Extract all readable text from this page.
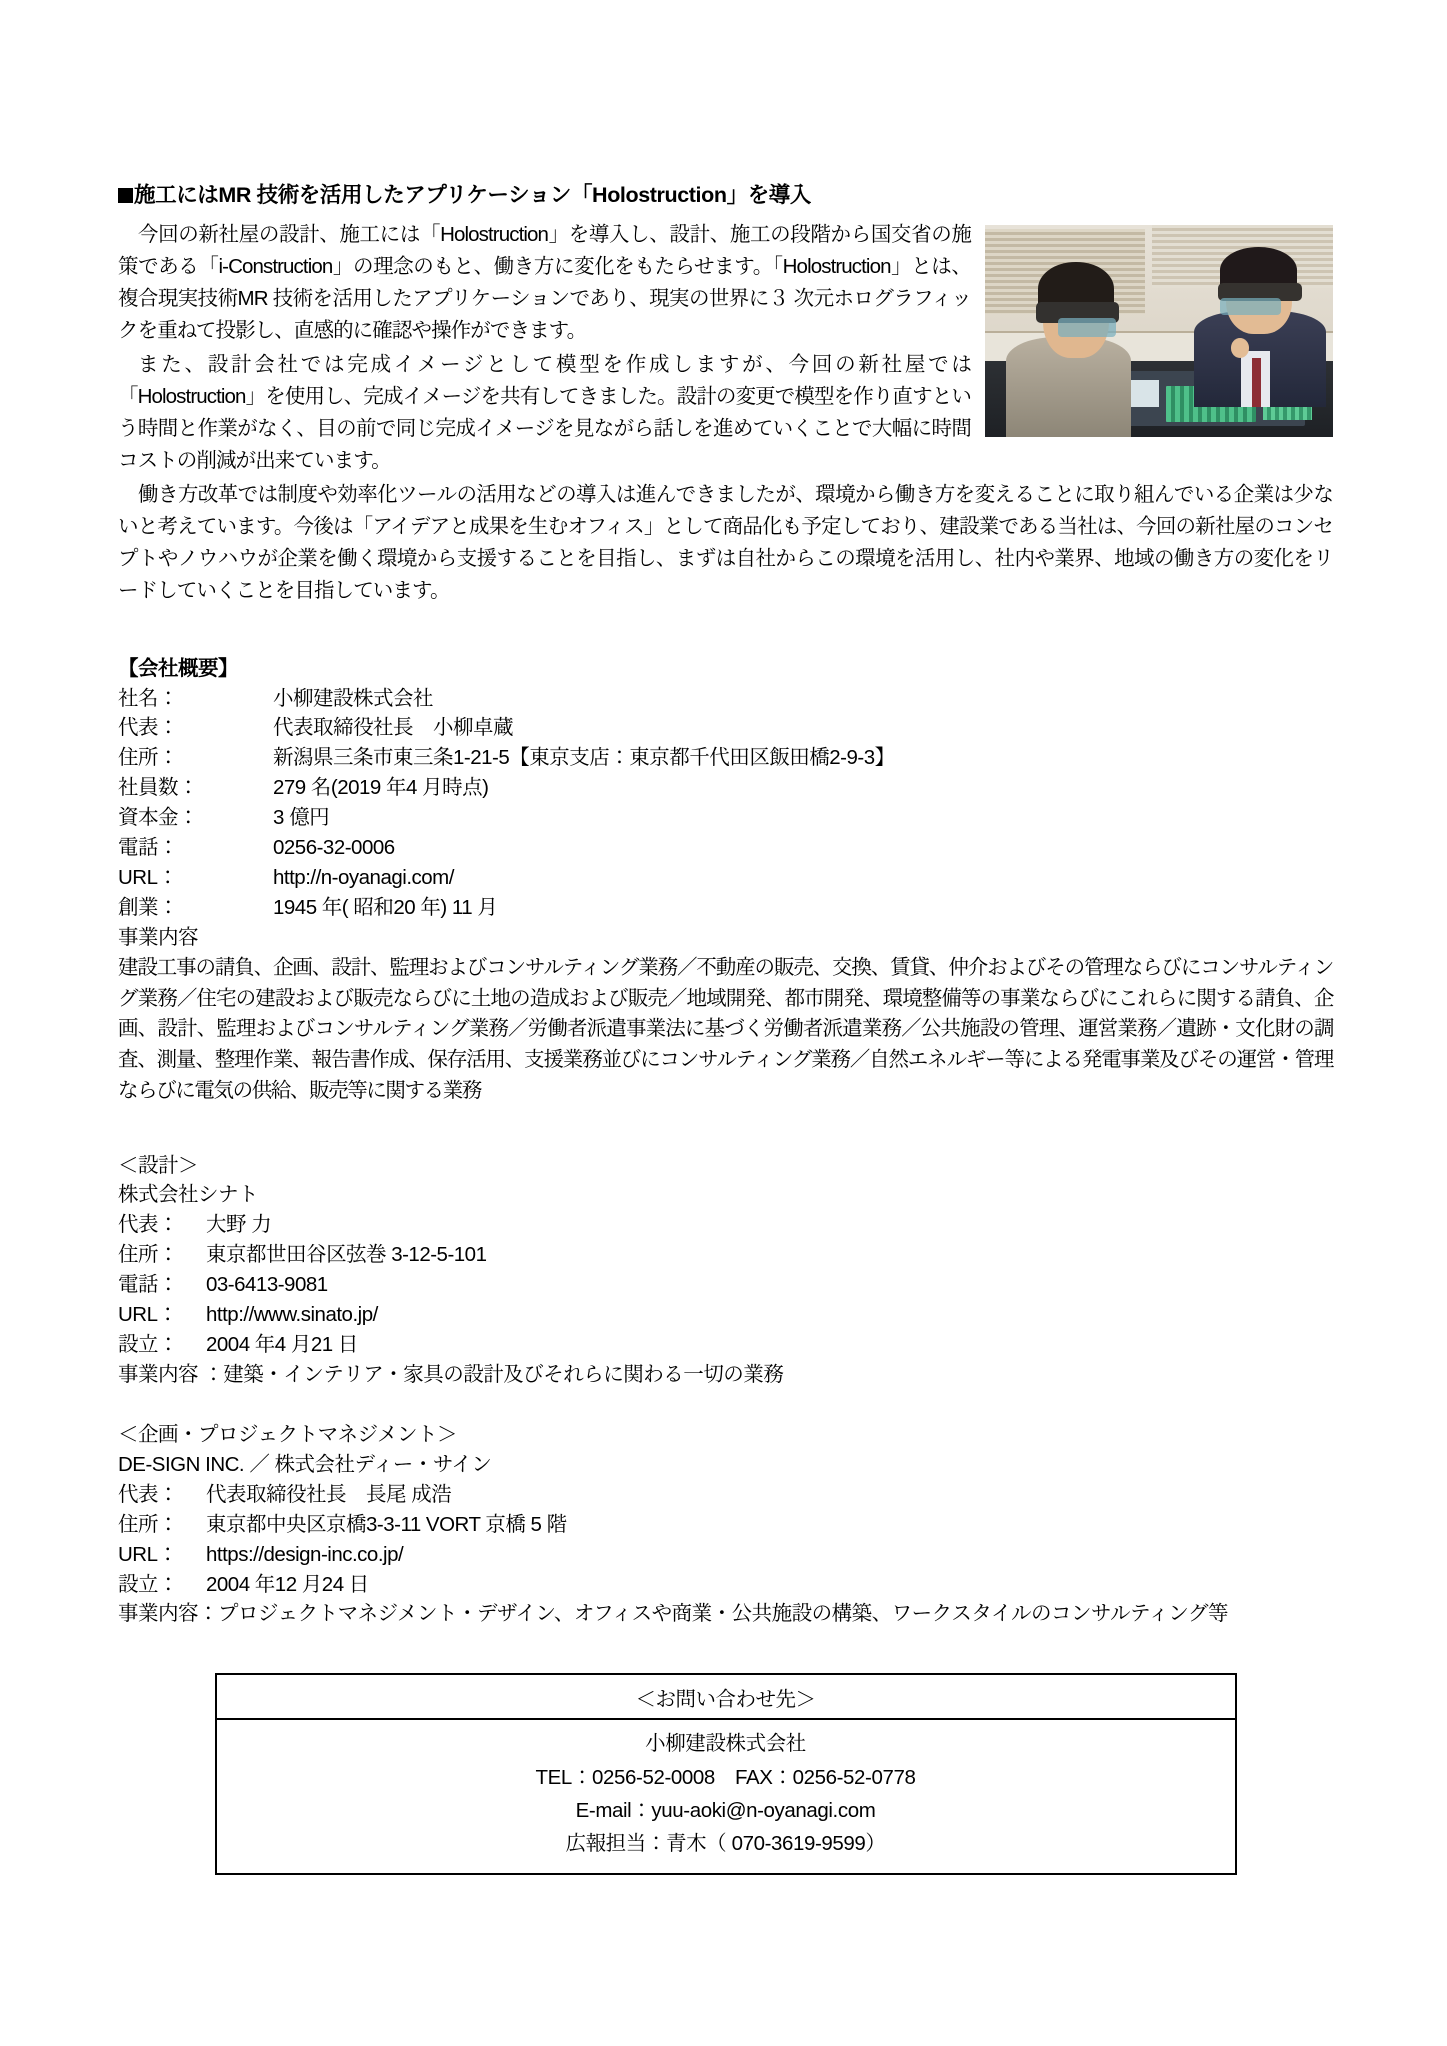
施工にはMR 技術を活用したアプリケーション「Holostruction」を導入

今回の新社屋の設計、施工には「Holostruction」を導入し、設計、施工の段階から国交省の施策である「i-Construction」の理念のもと、働き方に変化をもたらせます。「Holostruction」とは、複合現実技術MR 技術を活用したアプリケーションであり、現実の世界に３ 次元ホログラフィックを重ねて投影し、直感的に確認や操作ができます。

また、設計会社では完成イメージとして模型を作成しますが、今回の新社屋では「Holostruction」を使用し、完成イメージを共有してきました。設計の変更で模型を作り直すという時間と作業がなく、目の前で同じ完成イメージを見ながら話しを進めていくことで大幅に時間コストの削減が出来ています。

働き方改革では制度や効率化ツールの活用などの導入は進んできましたが、環境から働き方を変えることに取り組んでいる企業は少ないと考えています。今後は「アイデアと成果を生むオフィス」として商品化も予定しており、建設業である当社は、今回の新社屋のコンセプトやノウハウが企業を働く環境から支援することを目指し、まずは自社からこの環境を活用し、社内や業界、地域の働き方の変化をリードしていくことを目指しています。

【会社概要】

社名：	小柳建設株式会社
代表：	代表取締役社長　小柳卓蔵
住所：	新潟県三条市東三条1-21-5【東京支店：東京都千代田区飯田橋2-9-3】
社員数：	279 名(2019 年4 月時点)
資本金：	3 億円
電話：	0256-32-0006
URL：	http://n-oyanagi.com/
創業：	1945 年( 昭和20 年) 11 月

事業内容

建設工事の請負、企画、設計、監理およびコンサルティング業務／不動産の販売、交換、賃貸、仲介およびその管理ならびにコンサルティング業務／住宅の建設および販売ならびに土地の造成および販売／地域開発、都市開発、環境整備等の事業ならびにこれらに関する請負、企画、設計、監理およびコンサルティング業務／労働者派遣事業法に基づく労働者派遣業務／公共施設の管理、運営業務／遺跡・文化財の調査、測量、整理作業、報告書作成、保存活用、支援業務並びにコンサルティング業務／自然エネルギー等による発電事業及びその運営・管理ならびに電気の供給、販売等に関する業務

＜設計＞

株式会社シナト

代表：	大野 力
住所：	東京都世田谷区弦巻 3-12-5-101
電話：	03-6413-9081
URL：	http://www.sinato.jp/
設立：	2004 年4 月21 日

事業内容 ：建築・インテリア・家具の設計及びそれらに関わる一切の業務

＜企画・プロジェクトマネジメント＞

DE-SIGN INC. ／ 株式会社ディー・サイン

代表：	代表取締役社長　長尾 成浩
住所：	東京都中央区京橋3-3-11 VORT 京橋 5 階
URL：	https://design-inc.co.jp/
設立：	2004 年12 月24 日

事業内容：プロジェクトマネジメント・デザイン、オフィスや商業・公共施設の構築、ワークスタイルのコンサルティング等

＜お問い合わせ先＞

小柳建設株式会社

TEL：0256-52-0008　FAX：0256-52-0778

E-mail：yuu-aoki@n-oyanagi.com

広報担当：青木（ 070-3619-9599）
